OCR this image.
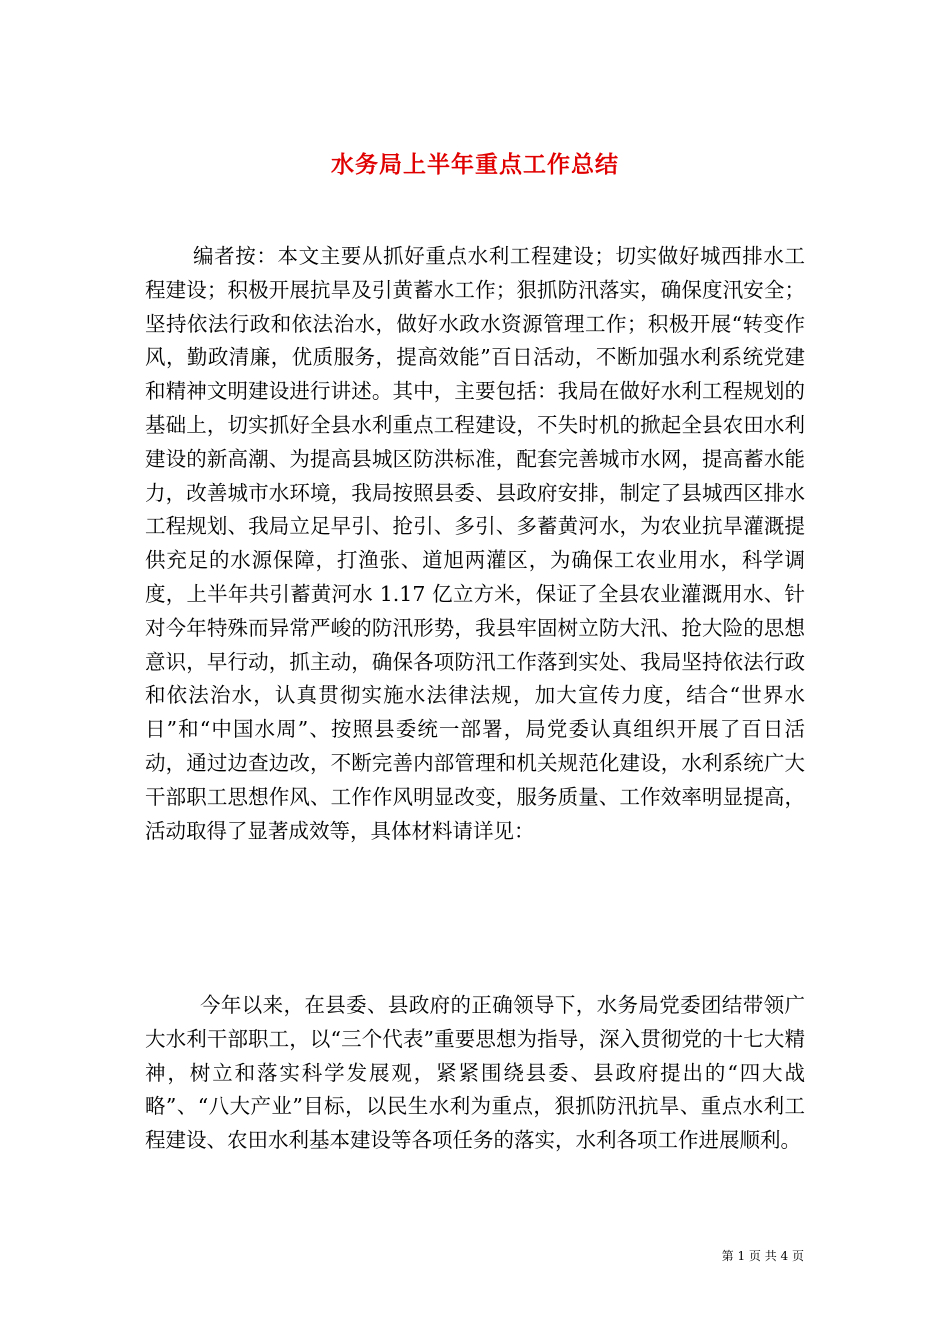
水务局上半年重点工作总结

编者按：本文主要从抓好重点水利工程建设；切实做好城西排水工程建设；积极开展抗旱及引黄蓄水工作；狠抓防汛落实，确保度汛安全；坚持依法行政和依法治水，做好水政水资源管理工作；积极开展“转变作风，勤政清廉，优质服务，提高效能”百日活动，不断加强水利系统党建和精神文明建设进行讲述。其中，主要包括：我局在做好水利工程规划的基础上，切实抓好全县水利重点工程建设，不失时机的掀起全县农田水利建设的新高潮、为提高县城区防洪标准，配套完善城市水网，提高蓄水能力，改善城市水环境，我局按照县委、县政府安排，制定了县城西区排水工程规划、我局立足早引、抢引、多引、多蓄黄河水，为农业抗旱灌溉提供充足的水源保障，打渔张、道旭两灌区，为确保工农业用水，科学调度，上半年共引蓄黄河水 1.17 亿立方米，保证了全县农业灌溉用水、针对今年特殊而异常严峻的防汛形势，我县牢固树立防大汛、抢大险的思想意识，早行动，抓主动，确保各项防汛工作落到实处、我局坚持依法行政和依法治水，认真贯彻实施水法律法规，加大宣传力度，结合“世界水日”和“中国水周”、按照县委统一部署，局党委认真组织开展了百日活动，通过边查边改，不断完善内部管理和机关规范化建设，水利系统广大干部职工思想作风、工作作风明显改变，服务质量、工作效率明显提高，活动取得了显著成效等，具体材料请详见：

今年以来，在县委、县政府的正确领导下，水务局党委团结带领广大水利干部职工，以“三个代表”重要思想为指导，深入贯彻党的十七大精神，树立和落实科学发展观，紧紧围绕县委、县政府提出的“四大战略”、“八大产业”目标，以民生水利为重点，狠抓防汛抗旱、重点水利工程建设、农田水利基本建设等各项任务的落实，水利各项工作进展顺利。

第 1 页 共 4 页
